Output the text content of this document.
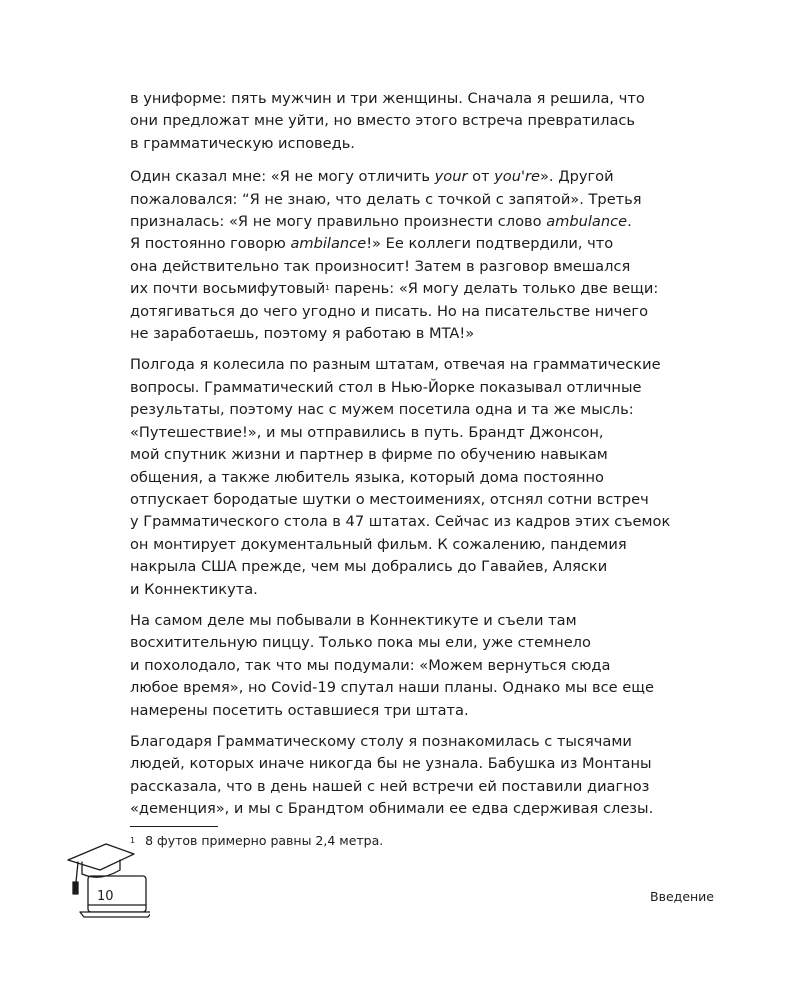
в униформе: пять мужчин и три женщины. Сначала я решила, что
они предложат мне уйти, но вместо этого встреча превратилась
в грамматическую исповедь.

Один сказал мне: «Я не могу отличить your от you're». Другой
пожаловался: “Я не знаю, что делать с точкой с запятой». Третья
призналась: «Я не могу правильно произнести слово ambulance.
Я постоянно говорю ambilance!» Ее коллеги подтвердили, что
она действительно так произносит! Затем в разговор вмешался
их почти восьмифутовый$^1$ парень: «Я могу делать только две вещи:
дотягиваться до чего угодно и писать. Но на писательстве ничего
не заработаешь, поэтому я работаю в MTA!»

Полгода я колесила по разным штатам, отвечая на грамматические
вопросы. Грамматический стол в Нью-Йорке показывал отличные
результаты, поэтому нас с мужем посетила одна и та же мысль:
«Путешествие!», и мы отправились в путь. Брандт Джонсон,
мой спутник жизни и партнер в фирме по обучению навыкам
общения, а также любитель языка, который дома постоянно
отпускает бородатые шутки о местоимениях, отснял сотни встреч
у Грамматического стола в 47 штатах. Сейчас из кадров этих съемок
он монтирует документальный фильм. К сожалению, пандемия
накрыла США прежде, чем мы добрались до Гавайев, Аляски
и Коннектикута.

На самом деле мы побывали в Коннектикуте и съели там
восхитительную пиццу. Только пока мы ели, уже стемнело
и похолодало, так что мы подумали: «Можем вернуться сюда
любое время», но Covid-19 спутал наши планы. Однако мы все еще
намерены посетить оставшиеся три штата.

Благодаря Грамматическому столу я познакомилась с тысячами
людей, которых иначе никогда бы не узнала. Бабушка из Монтаны
рассказала, что в день нашей с ней встречи ей поставили диагноз
«деменция», и мы с Брандтом обнимали ее едва сдерживая слезы.

$^1$ 8 футов примерно равны 2,4 метра.
10	Введение
